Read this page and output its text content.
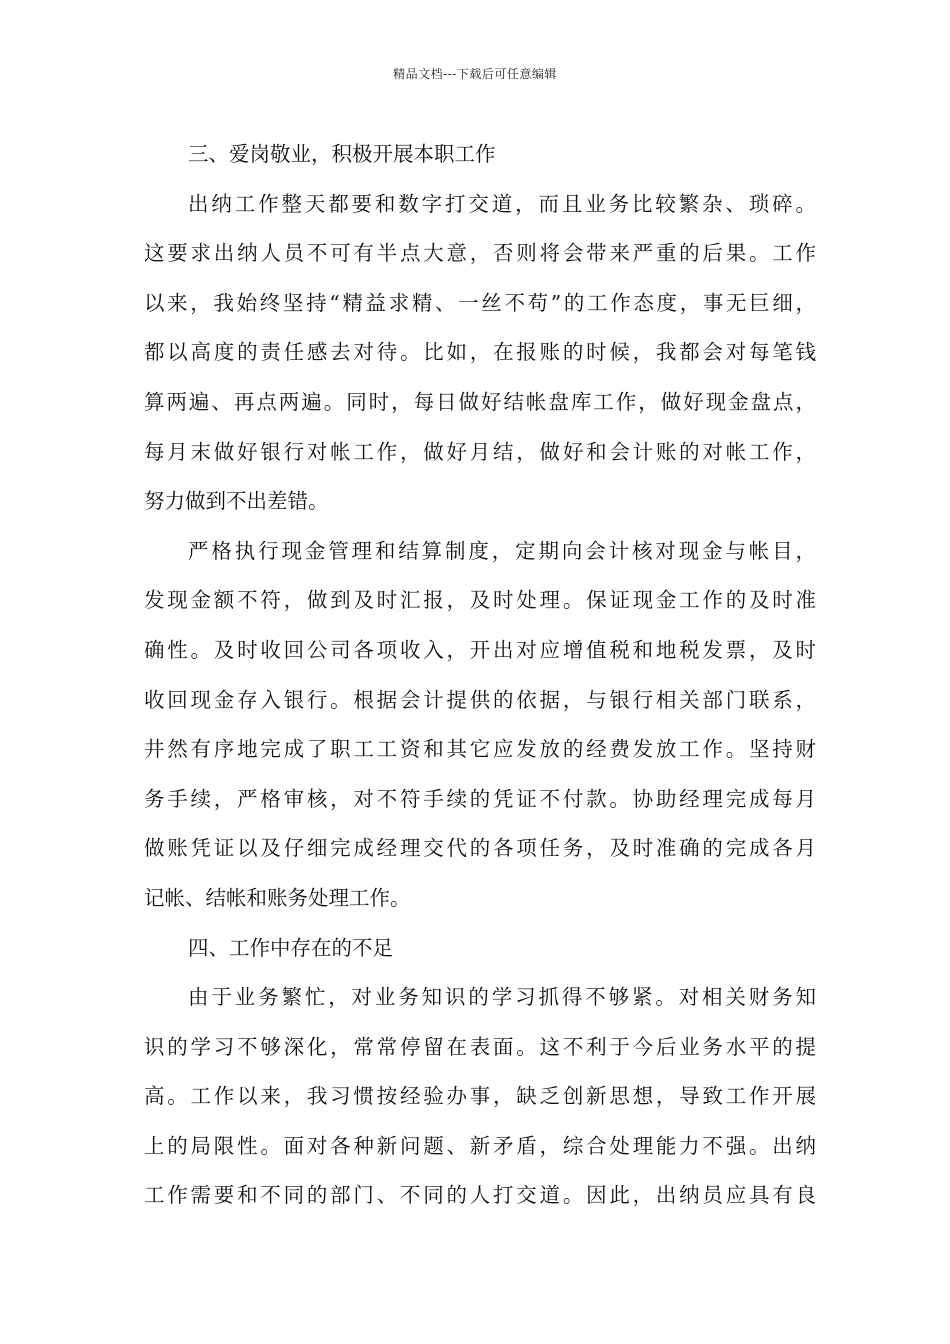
精品文档---下载后可任意编辑
三、爱岗敬业，积极开展本职工作
出纳工作整天都要和数字打交道，而且业务比较繁杂、琐碎。
这要求出纳人员不可有半点大意，否则将会带来严重的后果。工作
以来，我始终坚持“精益求精、一丝不苟”的工作态度，事无巨细，
都以高度的责任感去对待。比如，在报账的时候，我都会对每笔钱
算两遍、再点两遍。同时，每日做好结帐盘库工作，做好现金盘点，
每月末做好银行对帐工作，做好月结，做好和会计账的对帐工作，
努力做到不出差错。
严格执行现金管理和结算制度，定期向会计核对现金与帐目，
发现金额不符，做到及时汇报，及时处理。保证现金工作的及时准
确性。及时收回公司各项收入，开出对应增值税和地税发票，及时
收回现金存入银行。根据会计提供的依据，与银行相关部门联系，
井然有序地完成了职工工资和其它应发放的经费发放工作。坚持财
务手续，严格审核，对不符手续的凭证不付款。协助经理完成每月
做账凭证以及仔细完成经理交代的各项任务，及时准确的完成各月
记帐、结帐和账务处理工作。
四、工作中存在的不足
由于业务繁忙，对业务知识的学习抓得不够紧。对相关财务知
识的学习不够深化，常常停留在表面。这不利于今后业务水平的提
高。工作以来，我习惯按经验办事，缺乏创新思想，导致工作开展
上的局限性。面对各种新问题、新矛盾，综合处理能力不强。出纳
工作需要和不同的部门、不同的人打交道。因此，出纳员应具有良
